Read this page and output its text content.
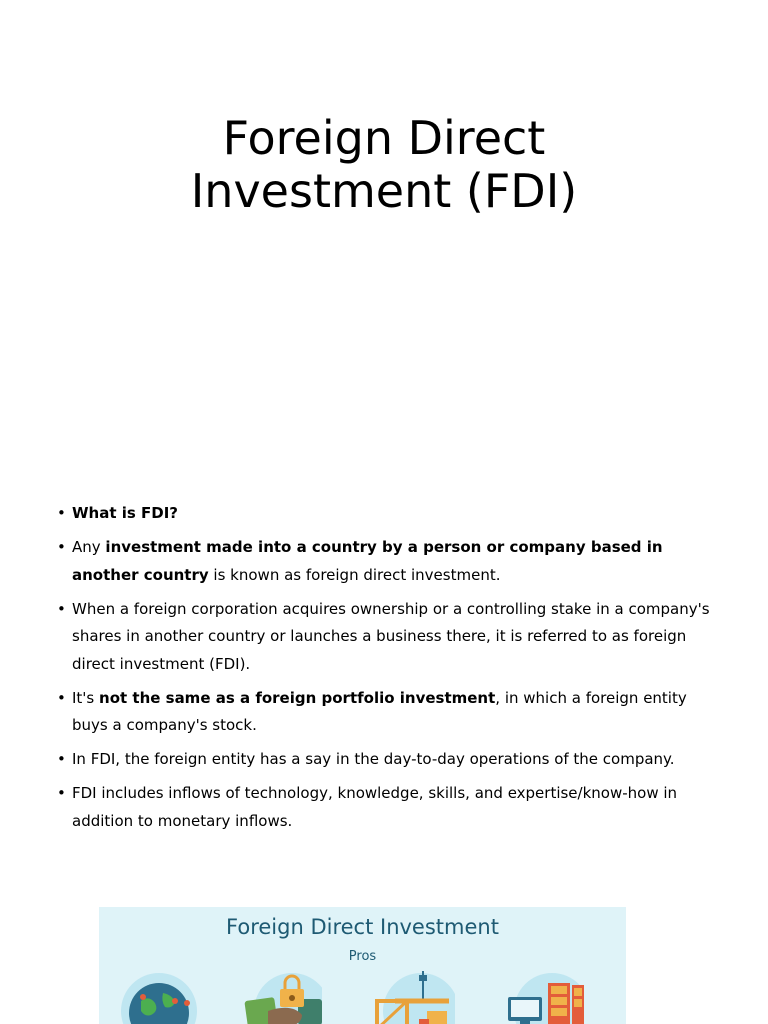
Foreign Direct
Investment (FDI)
• What is FDI?
• Any investment made into a country by a person or company based in another country is known as foreign direct investment.
• When a foreign corporation acquires ownership or a controlling stake in a company's shares in another country or launches a business there, it is referred to as foreign direct investment (FDI).
• It's not the same as a foreign portfolio investment, in which a foreign entity buys a company's stock.
• In FDI, the foreign entity has a say in the day-to-day operations of the company.
• FDI includes inflows of technology, knowledge, skills, and expertise/know-how in addition to monetary inflows.
Foreign Direct Investment
Pros
